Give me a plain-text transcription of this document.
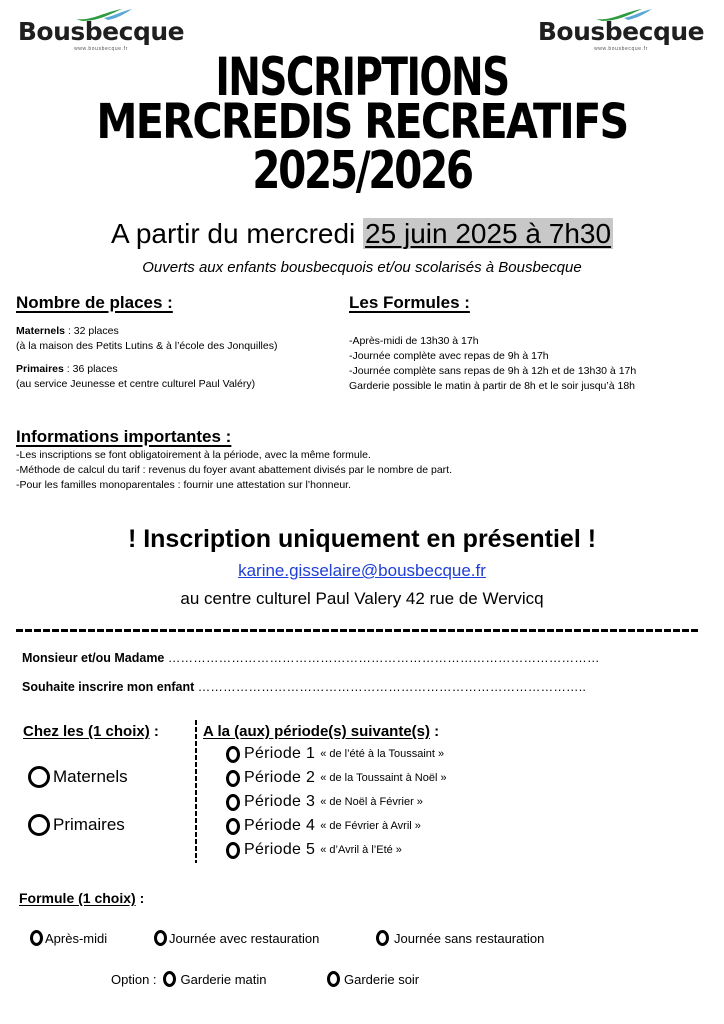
Bousbecque
www.bousbecque.fr
Bousbecque
www.bousbecque.fr
INSCRIPTIONS
MERCREDIS RECREATIFS
2025/2026
A partir du mercredi 25 juin 2025 à 7h30
Ouverts aux enfants bousbecquois et/ou scolarisés à Bousbecque
Nombre de places :
Maternels : 32 places
(à la maison des Petits Lutins & à l’école des Jonquilles)
Primaires : 36 places
(au service Jeunesse et centre culturel Paul Valéry)
Les Formules :
-Après-midi de 13h30 à 17h
-Journée complète avec repas de 9h à 17h
-Journée complète sans repas de 9h à 12h et de 13h30 à 17h
Garderie possible le matin à partir de 8h et le soir jusqu’à 18h
Informations importantes :
-Les inscriptions se font obligatoirement à la période, avec la même formule.
-Méthode de calcul du tarif : revenus du foyer avant abattement divisés par le nombre de part.
-Pour les familles monoparentales : fournir une attestation sur l’honneur.
! Inscription uniquement en présentiel !
karine.gisselaire@bousbecque.fr
au centre culturel Paul Valery 42 rue de Wervicq
Monsieur et/ou Madame …………………………………………………………………………………………
Souhaite inscrire mon enfant ………………………………………………………………………………..
Chez les (1 choix) :
Maternels
Primaires
A la (aux) période(s) suivante(s) :
Période 1 « de l’été à la Toussaint »
Période 2 « de la Toussaint à Noël »
Période 3 « de Noël à Février »
Période 4 « de Février à Avril »
Période 5 « d’Avril à l’Eté »
Formule (1 choix) :
Après-midi	Journée avec restauration	Journée sans restauration
Option : Garderie matin	Garderie soir
